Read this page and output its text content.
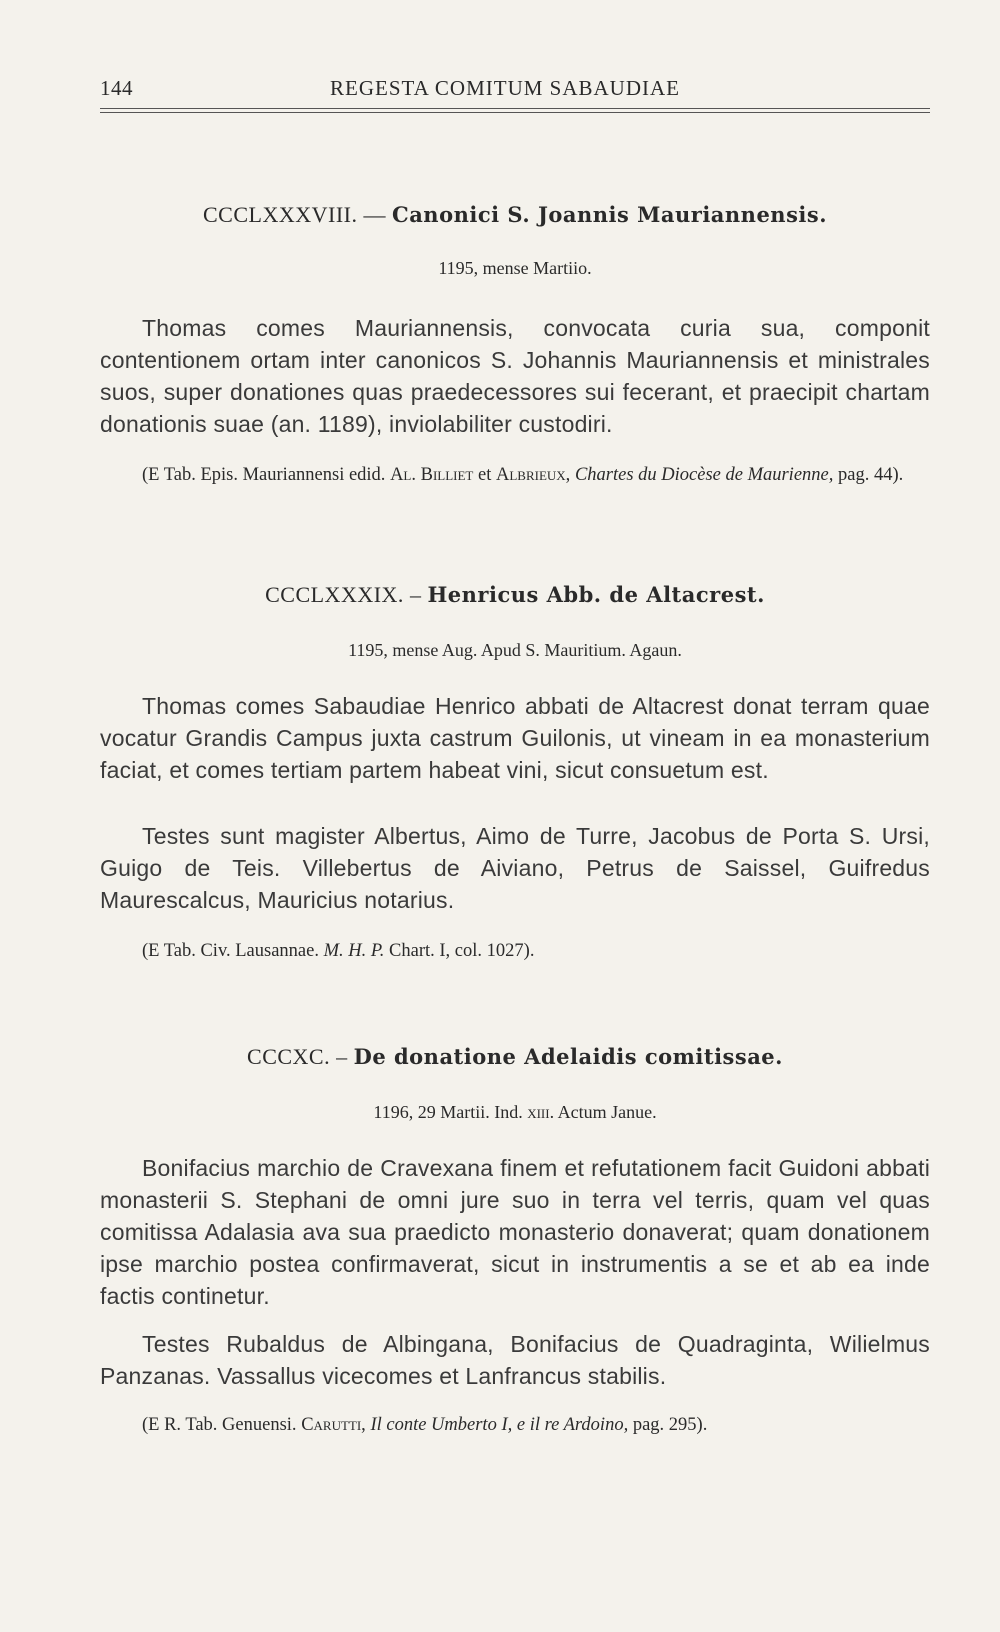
144	REGESTA COMITUM SABAUDIAE
CCCLXXXVIII. — Canonici S. Joannis Mauriannensis.
1195, mense Martiio.
Thomas comes Mauriannensis, convocata curia sua, componit contentionem ortam inter canonicos S. Johannis Mauriannensis et ministrales suos, super donationes quas praedecessores sui fecerant, et praecipit chartam donationis suae (an. 1189), inviolabiliter custodiri.
(E Tab. Epis. Mauriannensi edid. Al. Billiet et Albrieux, Chartes du Diocèse de Maurienne, pag. 44).
CCCLXXXIX. – Henricus Abb. de Altacrest.
1195, mense Aug. Apud S. Mauritium. Agaun.
Thomas comes Sabaudiae Henrico abbati de Altacrest donat terram quae vocatur Grandis Campus juxta castrum Guilonis, ut vineam in ea monasterium faciat, et comes tertiam partem habeat vini, sicut consuetum est.
Testes sunt magister Albertus, Aimo de Turre, Jacobus de Porta S. Ursi, Guigo de Teis. Villebertus de Aiviano, Petrus de Saissel, Guifredus Maurescalcus, Mauricius notarius.
(E Tab. Civ. Lausannae. M. H. P. Chart. I, col. 1027).
CCCXC. – De donatione Adelaidis comitissae.
1196, 29 Martii. Ind. xiii. Actum Janue.
Bonifacius marchio de Cravexana finem et refutationem facit Guidoni abbati monasterii S. Stephani de omni jure suo in terra vel terris, quam vel quas comitissa Adalasia ava sua praedicto monasterio donaverat; quam donationem ipse marchio postea confirmaverat, sicut in instrumentis a se et ab ea inde factis continetur.
Testes Rubaldus de Albingana, Bonifacius de Quadraginta, Wilielmus Panzanas. Vassallus vicecomes et Lanfrancus stabilis.
(E R. Tab. Genuensi. Carutti, Il conte Umberto I, e il re Ardoino, pag. 295).
